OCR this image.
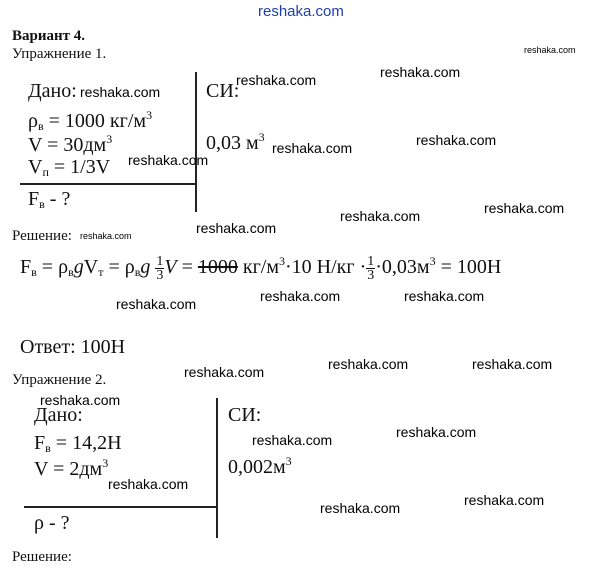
reshaka.com
Вариант 4.
Упражнение 1.
Дано:
$\rho_в = 1000$ $кг/м^3$
$V = 30дм^3$
$V_п = 1/3V$
$F_в$ - ?
СИ:
0,03 $м^3$
Решение:
$F_в = \rho_вgV_т = \rho_вg \frac{1}{3}$ V = 1000 $кг/м^3\cdot 10$ $Н/кг \cdot \frac{1}{3} \cdot 0,03м^3 = 100Н$
Ответ: 100Н
Упражнение 2.
Дано:
$F_в = 14,2Н$
$V = 2дм^3$
ρ - ?
СИ:
$0,002м^3$
Решение:
reshaka.com
reshaka.com
reshaka.com
reshaka.com
reshaka.com
reshaka.com
reshaka.com
reshaka.com
reshaka.com
reshaka.com
reshaka.com
reshaka.com
reshaka.com
reshaka.com
reshaka.com
reshaka.com
reshaka.com
reshaka.com
reshaka.com
reshaka.com
reshaka.com
reshaka.com
reshaka.com
